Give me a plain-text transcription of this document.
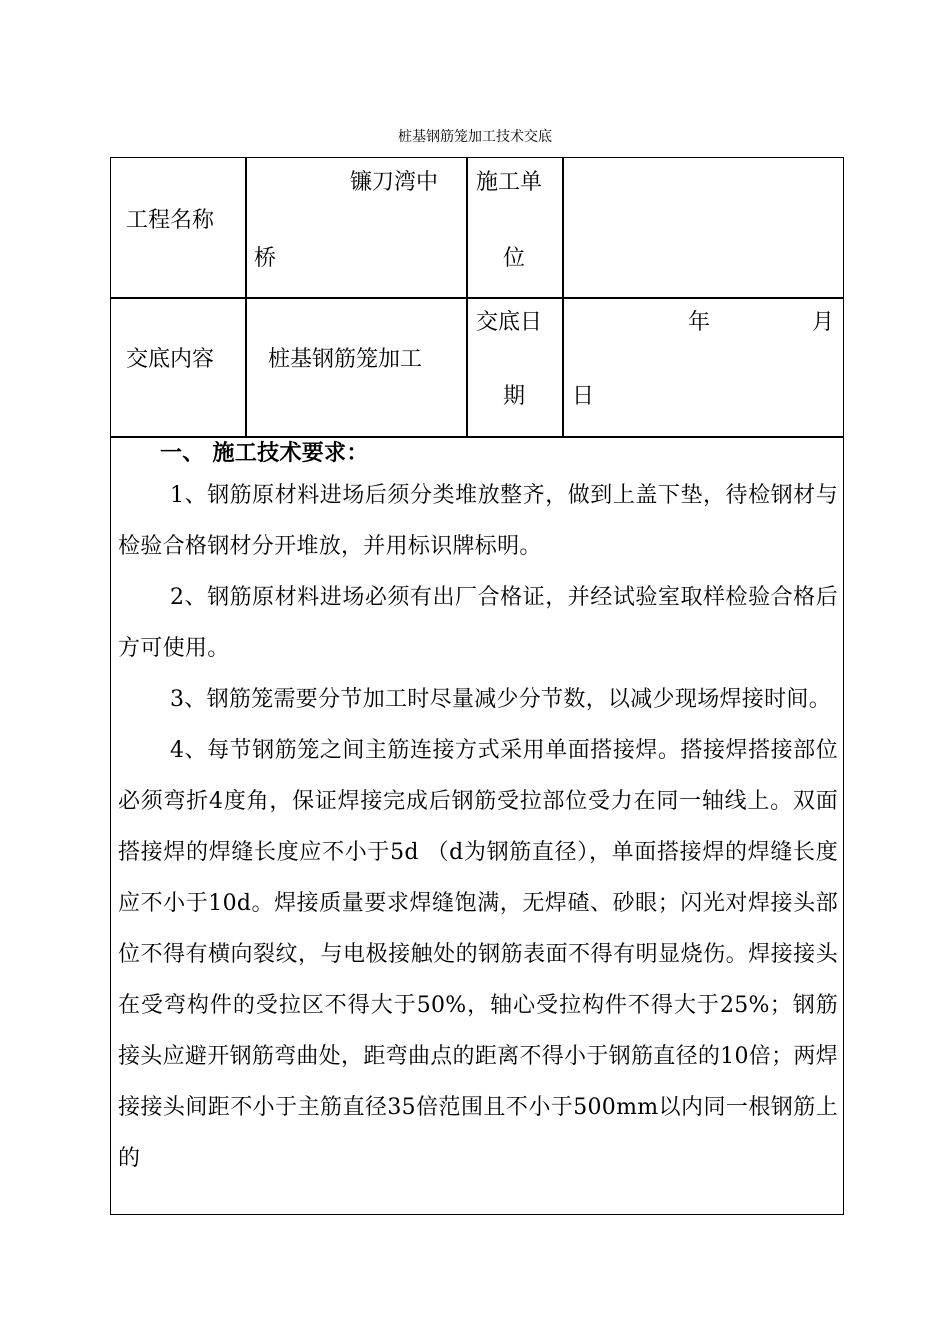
桩基钢筋笼加工技术交底
工程名称
镰刀湾中
桥
施工单
位
交底内容 桩基钢筋笼加工
交底日
期
年	月
日

一、 施工技术要求：

1、钢筋原材料进场后须分类堆放整齐，做到上盖下垫，待检钢材与检验合格钢材分开堆放，并用标识牌标明。

2、钢筋原材料进场必须有出厂合格证，并经试验室取样检验合格后方可使用。

3、钢筋笼需要分节加工时尽量减少分节数，以减少现场焊接时间。

4、每节钢筋笼之间主筋连接方式采用单面搭接焊。搭接焊搭接部位必须弯折4度角，保证焊接完成后钢筋受拉部位受力在同一轴线上。双面搭接焊的焊缝长度应不小于5d （d为钢筋直径），单面搭接焊的焊缝长度应不小于10d。焊接质量要求焊缝饱满，无焊碴、砂眼；闪光对焊接头部位不得有横向裂纹，与电极接触处的钢筋表面不得有明显烧伤。焊接接头在受弯构件的受拉区不得大于50%，轴心受拉构件不得大于25%；钢筋接头应避开钢筋弯曲处，距弯曲点的距离不得小于钢筋直径的10倍；两焊接接头间距不小于主筋直径35倍范围且不小于500mm以内同一根钢筋上的
